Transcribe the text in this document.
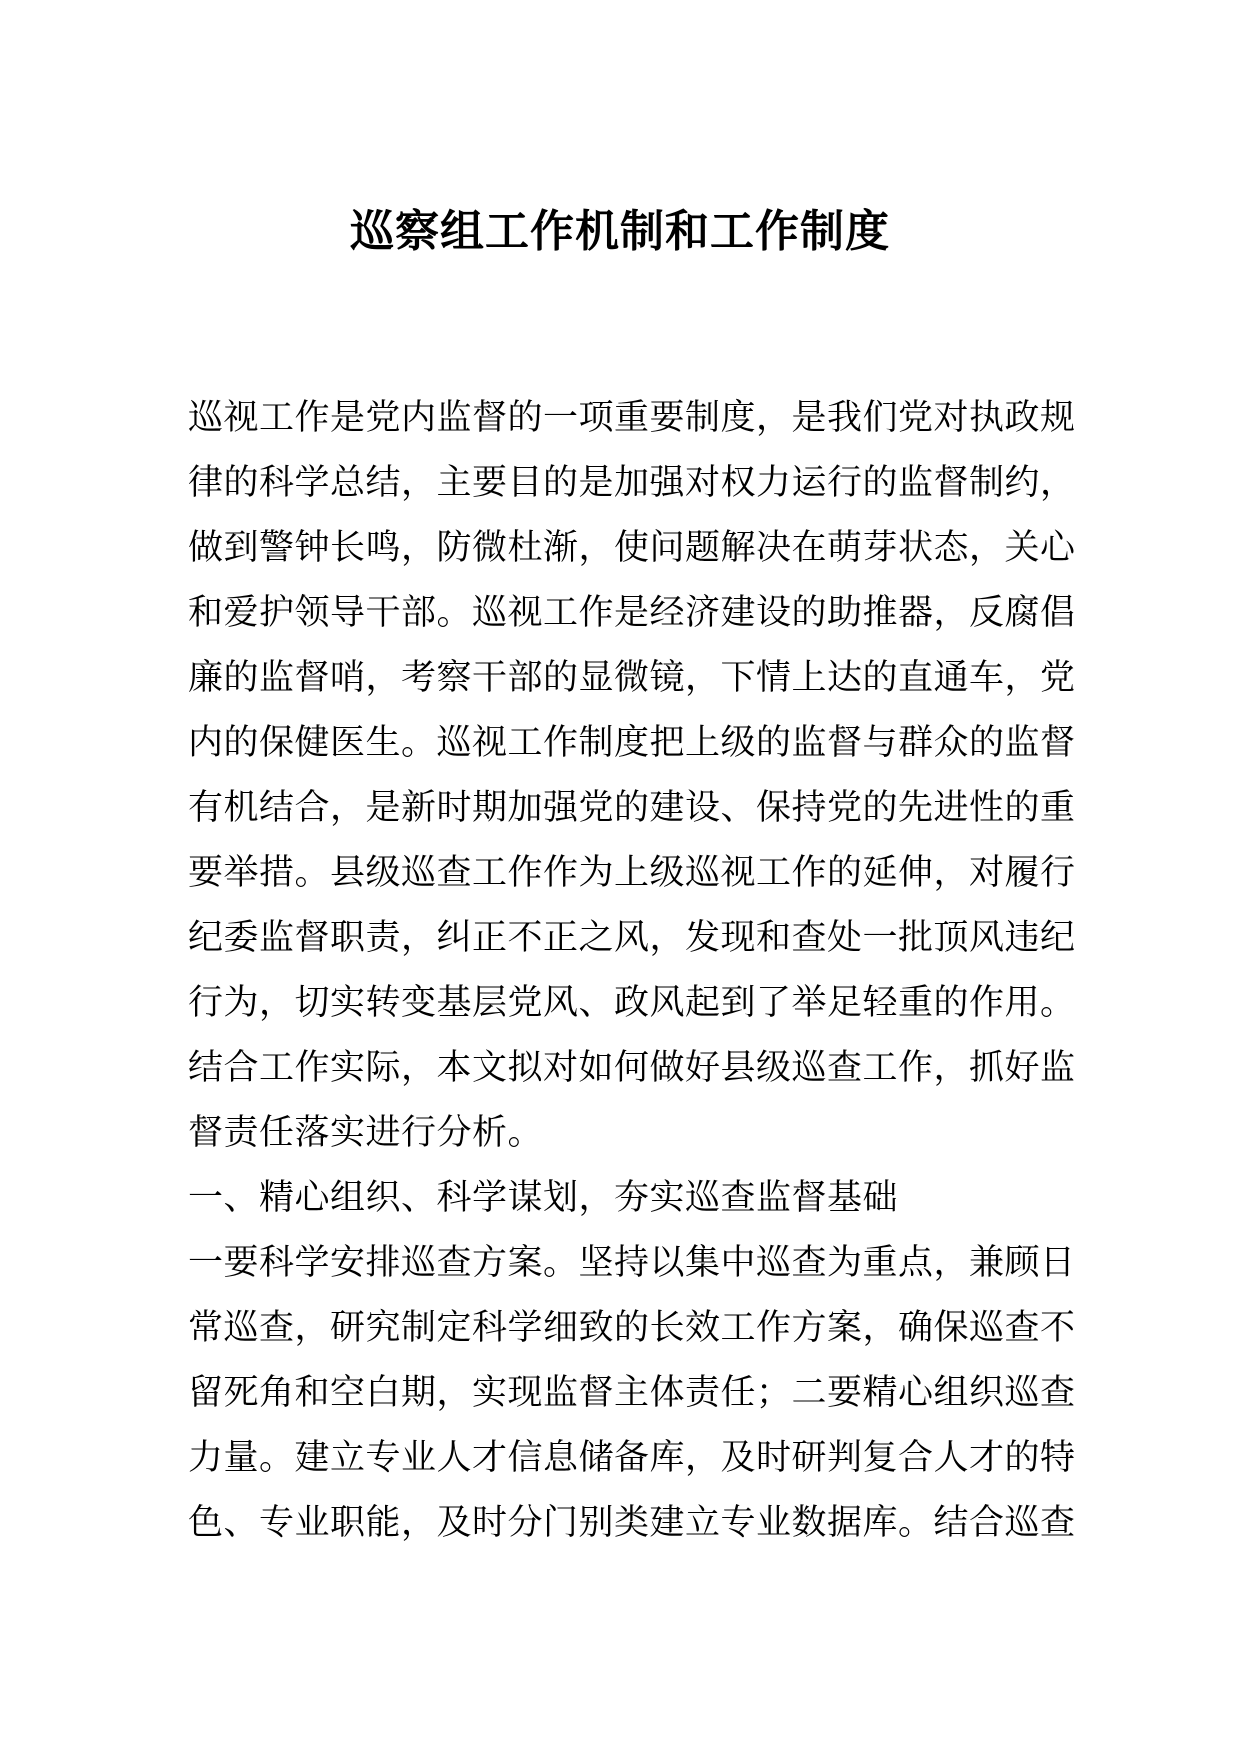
巡察组工作机制和工作制度
巡视工作是党内监督的一项重要制度，是我们党对执政规
律的科学总结，主要目的是加强对权力运行的监督制约，
做到警钟长鸣，防微杜渐，使问题解决在萌芽状态，关心
和爱护领导干部。巡视工作是经济建设的助推器，反腐倡
廉的监督哨，考察干部的显微镜，下情上达的直通车，党
内的保健医生。巡视工作制度把上级的监督与群众的监督
有机结合，是新时期加强党的建设、保持党的先进性的重
要举措。县级巡查工作作为上级巡视工作的延伸，对履行
纪委监督职责，纠正不正之风，发现和查处一批顶风违纪
行为，切实转变基层党风、政风起到了举足轻重的作用。
结合工作实际，本文拟对如何做好县级巡查工作，抓好监
督责任落实进行分析。
一、精心组织、科学谋划，夯实巡查监督基础
一要科学安排巡查方案。坚持以集中巡查为重点，兼顾日
常巡查，研究制定科学细致的长效工作方案，确保巡查不
留死角和空白期，实现监督主体责任；二要精心组织巡查
力量。建立专业人才信息储备库，及时研判复合人才的特
色、专业职能，及时分门别类建立专业数据库。结合巡查
